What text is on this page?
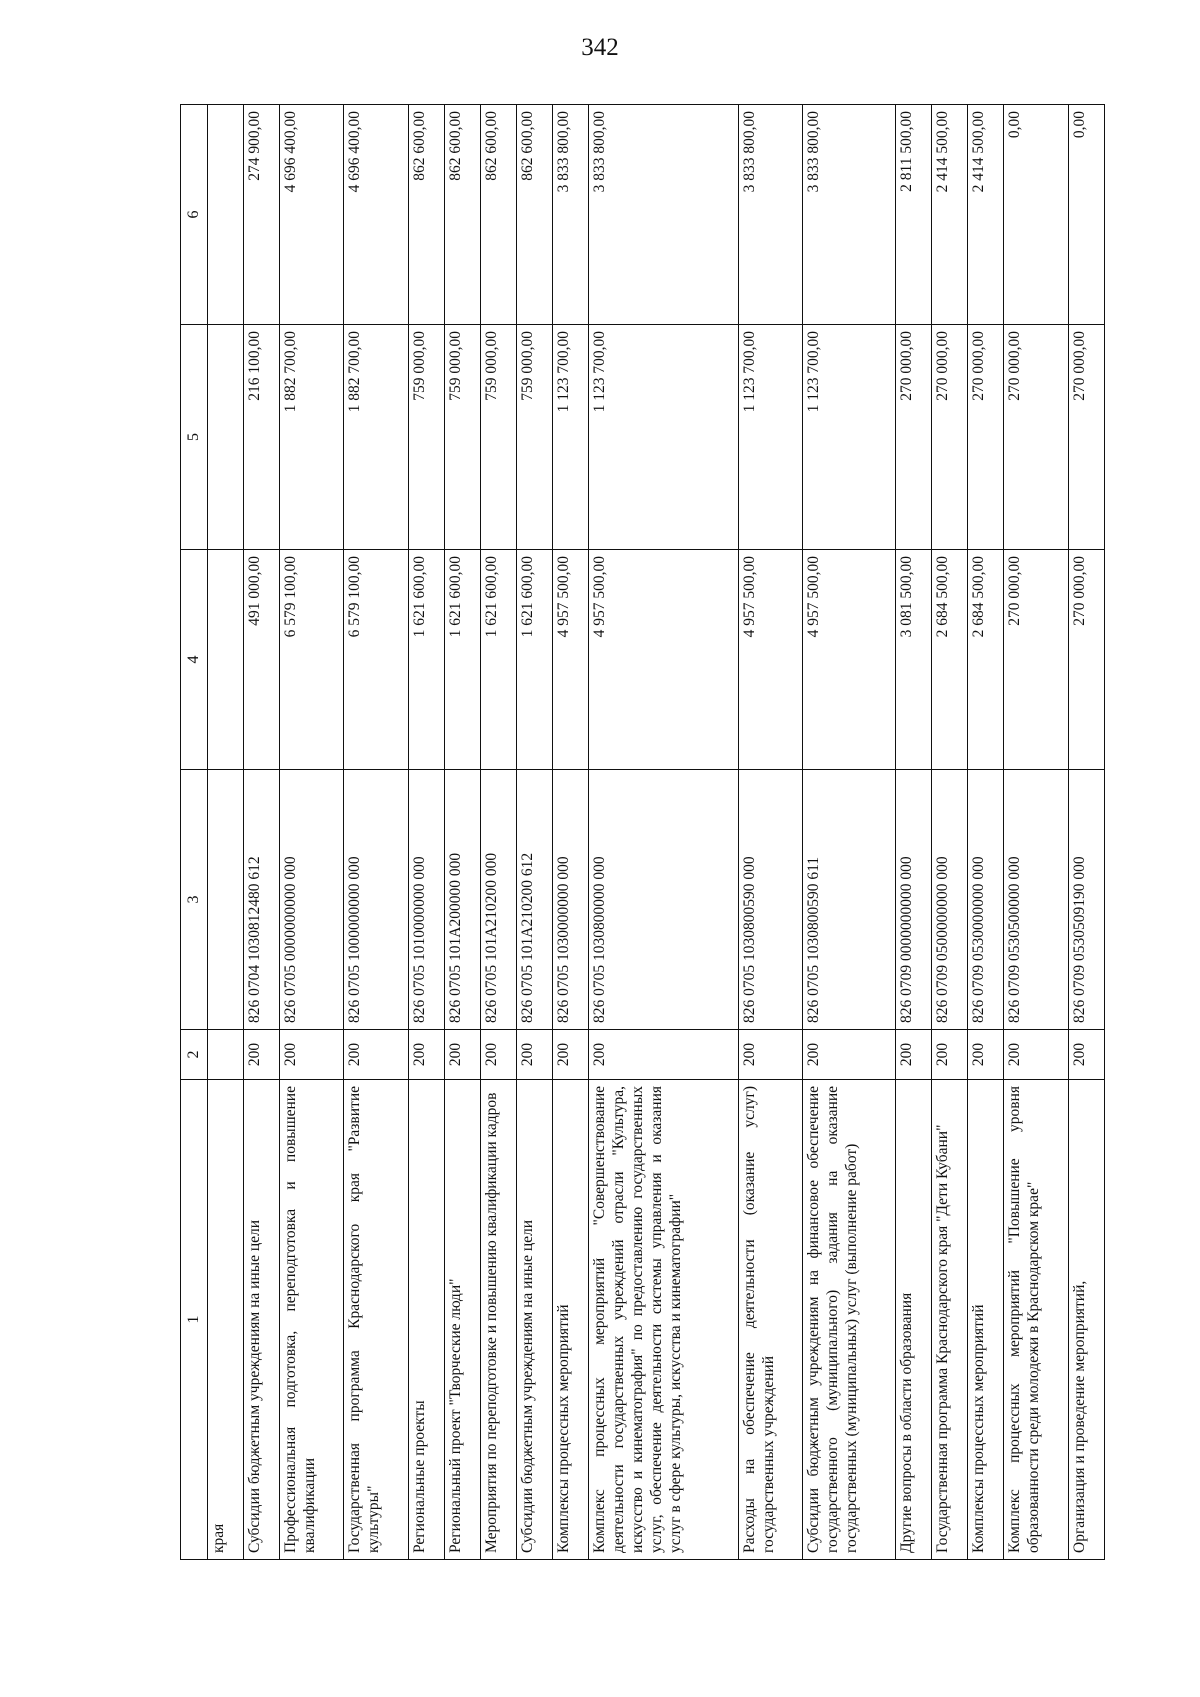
342
1	2	3	4	5	6
края					
Субсидии бюджетным учреждениям на иные цели	200	826 0704 1030812480 612	491 000,00	216 100,00	274 900,00
Профессиональная подготовка, переподготовка и повышение квалификации	200	826 0705 0000000000 000	6 579 100,00	1 882 700,00	4 696 400,00
Государственная программа Краснодарского края "Развитие культуры"	200	826 0705 1000000000 000	6 579 100,00	1 882 700,00	4 696 400,00
Региональные проекты	200	826 0705 1010000000 000	1 621 600,00	759 000,00	862 600,00
Региональный проект "Творческие люди"	200	826 0705 101A200000 000	1 621 600,00	759 000,00	862 600,00
Мероприятия по переподготовке и повышению квалификации кадров	200	826 0705 101A210200 000	1 621 600,00	759 000,00	862 600,00
Субсидии бюджетным учреждениям на иные цели	200	826 0705 101A210200 612	1 621 600,00	759 000,00	862 600,00
Комплексы процессных мероприятий	200	826 0705 1030000000 000	4 957 500,00	1 123 700,00	3 833 800,00
Комплекс процессных мероприятий "Совершенствование деятельности государственных учреждений отрасли "Культура, искусство и кинематография" по предоставлению государственных услуг, обеспечение деятельности системы управления и оказания услуг в сфере культуры, искусства и кинематографии"	200	826 0705 1030800000 000	4 957 500,00	1 123 700,00	3 833 800,00
Расходы на обеспечение деятельности (оказание услуг) государственных учреждений	200	826 0705 1030800590 000	4 957 500,00	1 123 700,00	3 833 800,00
Субсидии бюджетным учреждениям на финансовое обеспечение государственного (муниципального) задания на оказание государственных (муниципальных) услуг (выполнение работ)	200	826 0705 1030800590 611	4 957 500,00	1 123 700,00	3 833 800,00
Другие вопросы в области образования	200	826 0709 0000000000 000	3 081 500,00	270 000,00	2 811 500,00
Государственная программа Краснодарского края "Дети Кубани"	200	826 0709 0500000000 000	2 684 500,00	270 000,00	2 414 500,00
Комплексы процессных мероприятий	200	826 0709 0530000000 000	2 684 500,00	270 000,00	2 414 500,00
Комплекс процессных мероприятий "Повышение уровня образованности среди молодежи в Краснодарском крае"	200	826 0709 0530500000 000	270 000,00	270 000,00	0,00
Организация и проведение мероприятий,	200	826 0709 0530509190 000	270 000,00	270 000,00	0,00
